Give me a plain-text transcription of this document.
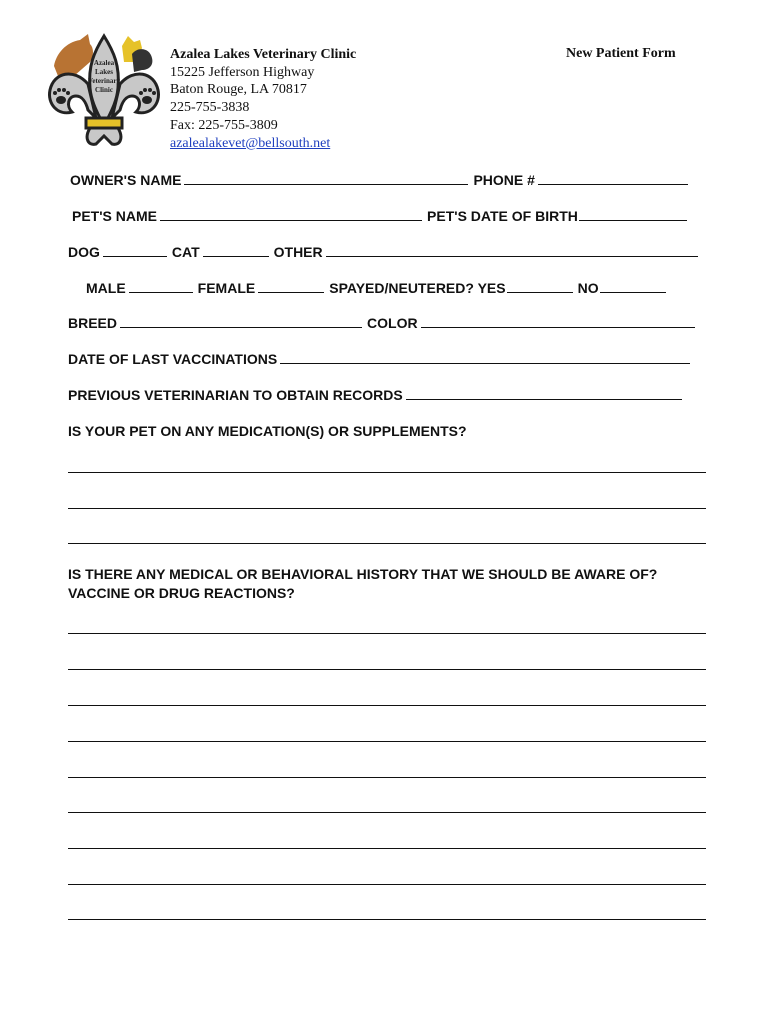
Azalea
Lakes
Veterinary
Clinic
Azalea Lakes Veterinary Clinic
15225 Jefferson Highway
Baton Rouge, LA 70817
225-755-3838
Fax: 225-755-3809
azalealakevet@bellsouth.net
New Patient Form
OWNER'S NAME	PHONE #
PET'S NAME	PET'S DATE OF BIRTH
DOG	CAT	OTHER
MALE	FEMALE	SPAYED/NEUTERED? YES	NO
BREED	COLOR
DATE OF LAST VACCINATIONS
PREVIOUS VETERINARIAN TO OBTAIN RECORDS
IS YOUR PET ON ANY MEDICATION(S) OR SUPPLEMENTS?
IS THERE ANY MEDICAL OR BEHAVIORAL HISTORY THAT WE SHOULD BE AWARE OF?
VACCINE OR DRUG REACTIONS?
